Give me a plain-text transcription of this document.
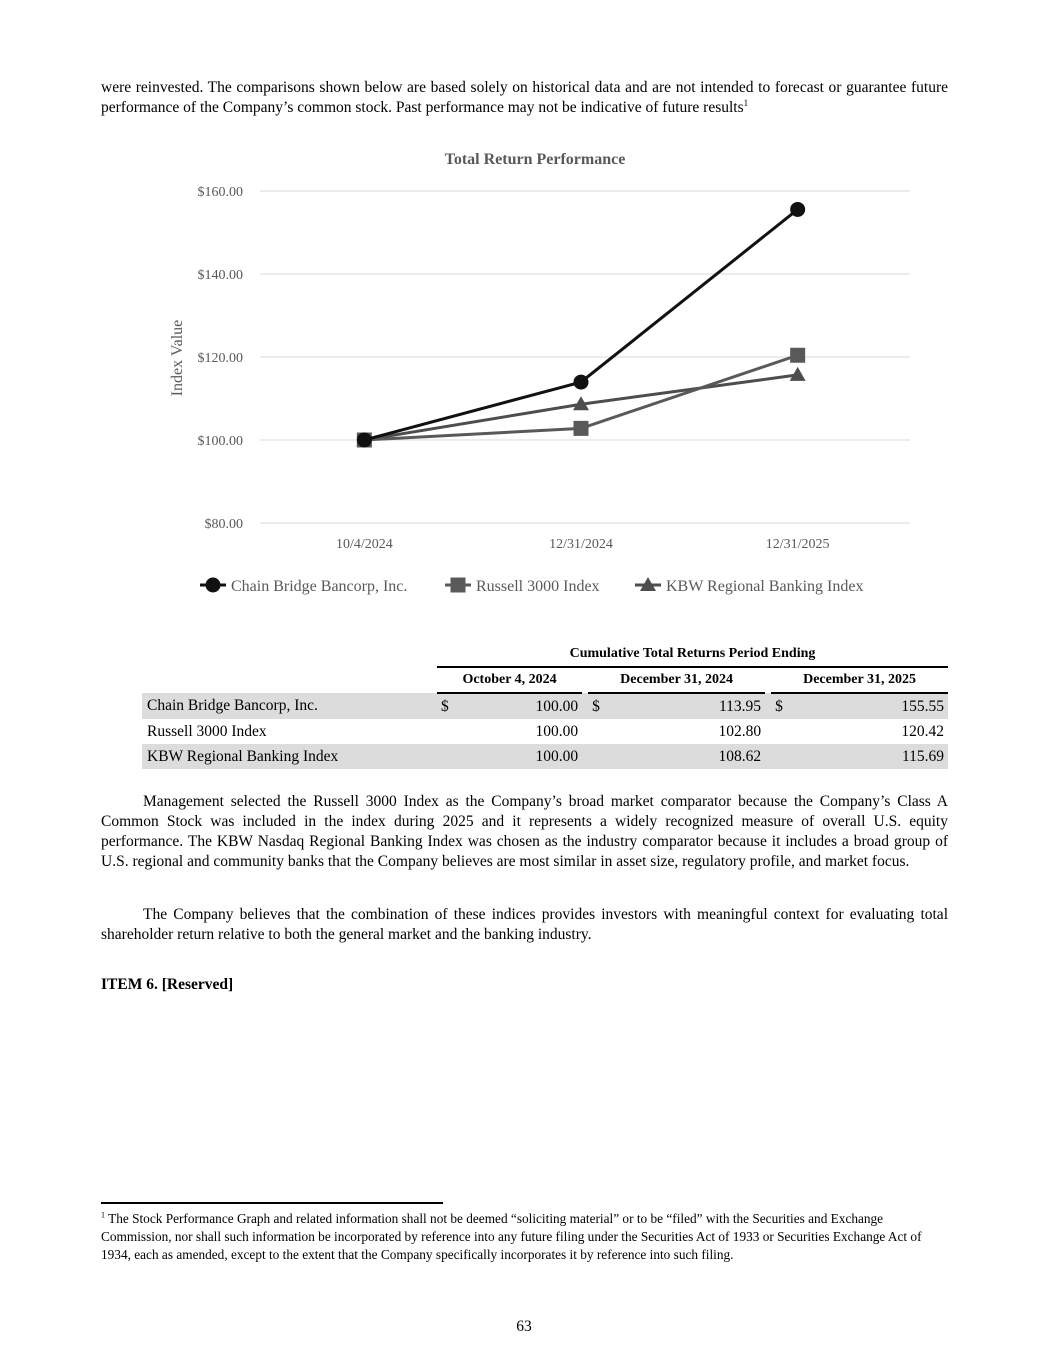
were reinvested. The comparisons shown below are based solely on historical data and are not intended to forecast or guarantee future performance of the Company’s common stock. Past performance may not be indicative of future results$^1$
Total Return Performance
$80.00
$100.00
$120.00
$140.00
$160.00
10/4/2024	12/31/2024	12/31/2025
Index Value
Chain Bridge Bancorp, Inc.	Russell 3000 Index	KBW Regional Banking Index
	Cumulative Total Returns Period Ending							
	October 4, 2024			December 31, 2024			December 31, 2025	
Chain Bridge Bancorp, Inc.	$	100.00		$	113.95		$	155.55
Russell 3000 Index		100.00			102.80			120.42
KBW Regional Banking Index		100.00			108.62			115.69
Management selected the Russell 3000 Index as the Company’s broad market comparator because the Company’s Class A Common Stock was included in the index during 2025 and it represents a widely recognized measure of overall U.S. equity performance. The KBW Nasdaq Regional Banking Index was chosen as the industry comparator because it includes a broad group of U.S. regional and community banks that the Company believes are most similar in asset size, regulatory profile, and market focus.
The Company believes that the combination of these indices provides investors with meaningful context for evaluating total shareholder return relative to both the general market and the banking industry.
ITEM 6. [Reserved]
$^1$ The Stock Performance Graph and related information shall not be deemed “soliciting material” or to be “filed” with the Securities and Exchange Commission, nor shall such information be incorporated by reference into any future filing under the Securities Act of 1933 or Securities Exchange Act of 1934, each as amended, except to the extent that the Company specifically incorporates it by reference into such filing.
63
